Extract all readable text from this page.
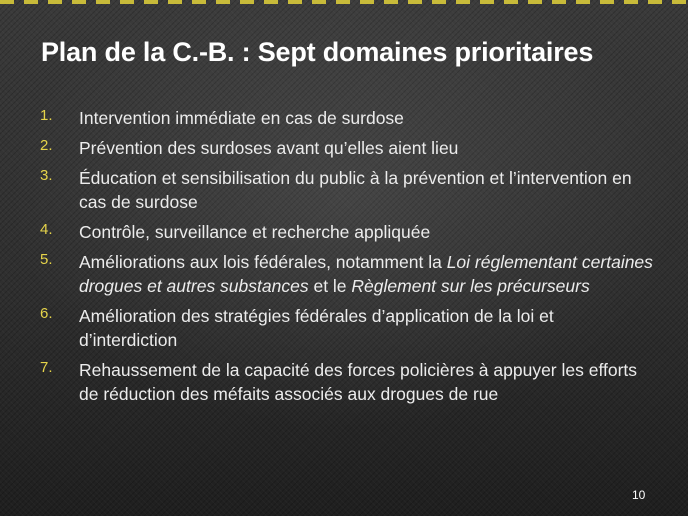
Plan de la C.-B. : Sept domaines prioritaires
1. Intervention immédiate en cas de surdose
2. Prévention des surdoses avant qu’elles aient lieu
3. Éducation et sensibilisation du public à la prévention et l’intervention en cas de surdose
4. Contrôle, surveillance et recherche appliquée
5. Améliorations aux lois fédérales, notamment la Loi réglementant certaines drogues et autres substances et le Règlement sur les précurseurs
6. Amélioration des stratégies fédérales d’application de la loi et d’interdiction
7. Rehaussement de la capacité des forces policières à appuyer les efforts de réduction des méfaits associés aux drogues de rue
10
